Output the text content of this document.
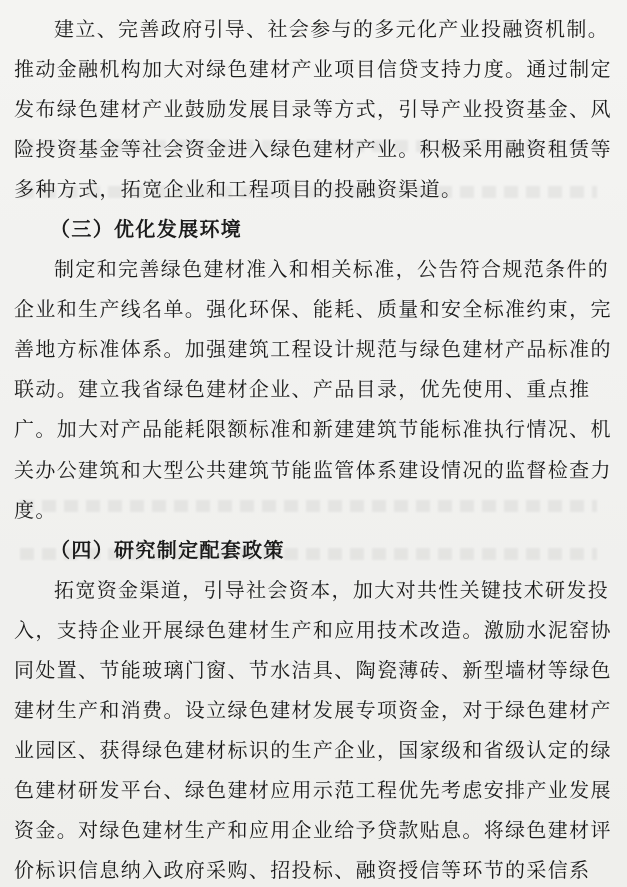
建立、完善政府引导、社会参与的多元化产业投融资机制。
推动金融机构加大对绿色建材产业项目信贷支持力度。通过制定
发布绿色建材产业鼓励发展目录等方式，引导产业投资基金、风
险投资基金等社会资金进入绿色建材产业。积极采用融资租赁等
多种方式，拓宽企业和工程项目的投融资渠道。
（三）优化发展环境
制定和完善绿色建材准入和相关标准，公告符合规范条件的
企业和生产线名单。强化环保、能耗、质量和安全标准约束，完
善地方标准体系。加强建筑工程设计规范与绿色建材产品标准的
联动。建立我省绿色建材企业、产品目录，优先使用、重点推
广。加大对产品能耗限额标准和新建建筑节能标准执行情况、机
关办公建筑和大型公共建筑节能监管体系建设情况的监督检查力
度。
（四）研究制定配套政策
拓宽资金渠道，引导社会资本，加大对共性关键技术研发投
入，支持企业开展绿色建材生产和应用技术改造。激励水泥窑协
同处置、节能玻璃门窗、节水洁具、陶瓷薄砖、新型墙材等绿色
建材生产和消费。设立绿色建材发展专项资金，对于绿色建材产
业园区、获得绿色建材标识的生产企业，国家级和省级认定的绿
色建材研发平台、绿色建材应用示范工程优先考虑安排产业发展
资金。对绿色建材生产和应用企业给予贷款贴息。将绿色建材评
价标识信息纳入政府采购、招投标、融资授信等环节的采信系
